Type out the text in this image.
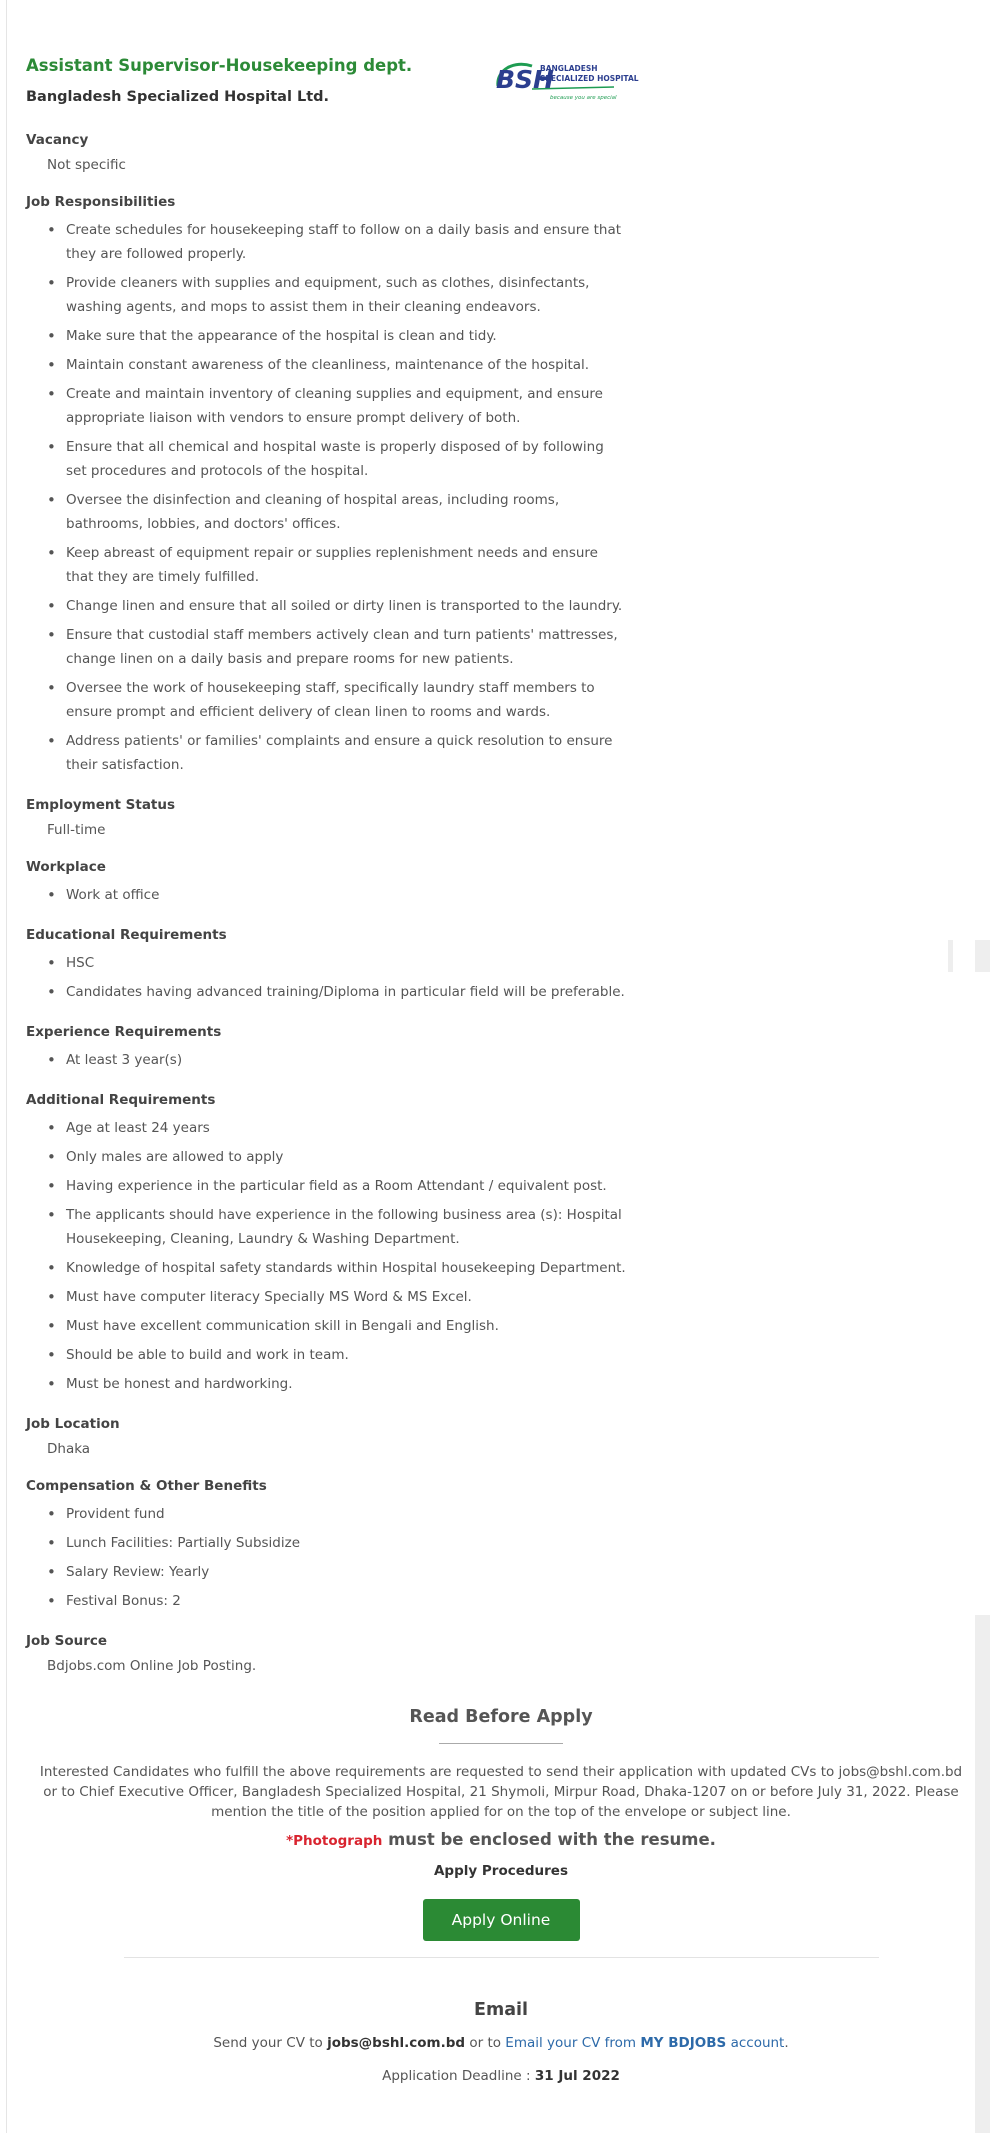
BSH
BANGLADESH
SPECIALIZED HOSPITAL
because you are special
Assistant Supervisor-Housekeeping dept.
Bangladesh Specialized Hospital Ltd.
Vacancy
Not specific
Job Responsibilities
• Create schedules for housekeeping staff to follow on a daily basis and ensure that they are followed properly.
• Provide cleaners with supplies and equipment, such as clothes, disinfectants, washing agents, and mops to assist them in their cleaning endeavors.
• Make sure that the appearance of the hospital is clean and tidy.
• Maintain constant awareness of the cleanliness, maintenance of the hospital.
• Create and maintain inventory of cleaning supplies and equipment, and ensure appropriate liaison with vendors to ensure prompt delivery of both.
• Ensure that all chemical and hospital waste is properly disposed of by following set procedures and protocols of the hospital.
• Oversee the disinfection and cleaning of hospital areas, including rooms, bathrooms, lobbies, and doctors' offices.
• Keep abreast of equipment repair or supplies replenishment needs and ensure that they are timely fulfilled.
• Change linen and ensure that all soiled or dirty linen is transported to the laundry.
• Ensure that custodial staff members actively clean and turn patients' mattresses, change linen on a daily basis and prepare rooms for new patients.
• Oversee the work of housekeeping staff, specifically laundry staff members to ensure prompt and efficient delivery of clean linen to rooms and wards.
• Address patients' or families' complaints and ensure a quick resolution to ensure their satisfaction.
Employment Status
Full-time
Workplace
• Work at office
Educational Requirements
• HSC
• Candidates having advanced training/Diploma in particular field will be preferable.
Experience Requirements
• At least 3 year(s)
Additional Requirements
• Age at least 24 years
• Only males are allowed to apply
• Having experience in the particular field as a Room Attendant / equivalent post.
• The applicants should have experience in the following business area (s): Hospital Housekeeping, Cleaning, Laundry & Washing Department.
• Knowledge of hospital safety standards within Hospital housekeeping Department.
• Must have computer literacy Specially MS Word & MS Excel.
• Must have excellent communication skill in Bengali and English.
• Should be able to build and work in team.
• Must be honest and hardworking.
Job Location
Dhaka
Compensation & Other Benefits
• Provident fund
• Lunch Facilities: Partially Subsidize
• Salary Review: Yearly
• Festival Bonus: 2
Job Source
Bdjobs.com Online Job Posting.
Read Before Apply
Interested Candidates who fulfill the above requirements are requested to send their application with updated CVs to jobs@bshl.com.bd or to Chief Executive Officer, Bangladesh Specialized Hospital, 21 Shymoli, Mirpur Road, Dhaka-1207 on or before July 31, 2022. Please mention the title of the position applied for on the top of the envelope or subject line.
*Photograph must be enclosed with the resume.
Apply Procedures
Apply Online
Email
Send your CV to jobs@bshl.com.bd or to Email your CV from MY BDJOBS account.
Application Deadline : 31 Jul 2022
